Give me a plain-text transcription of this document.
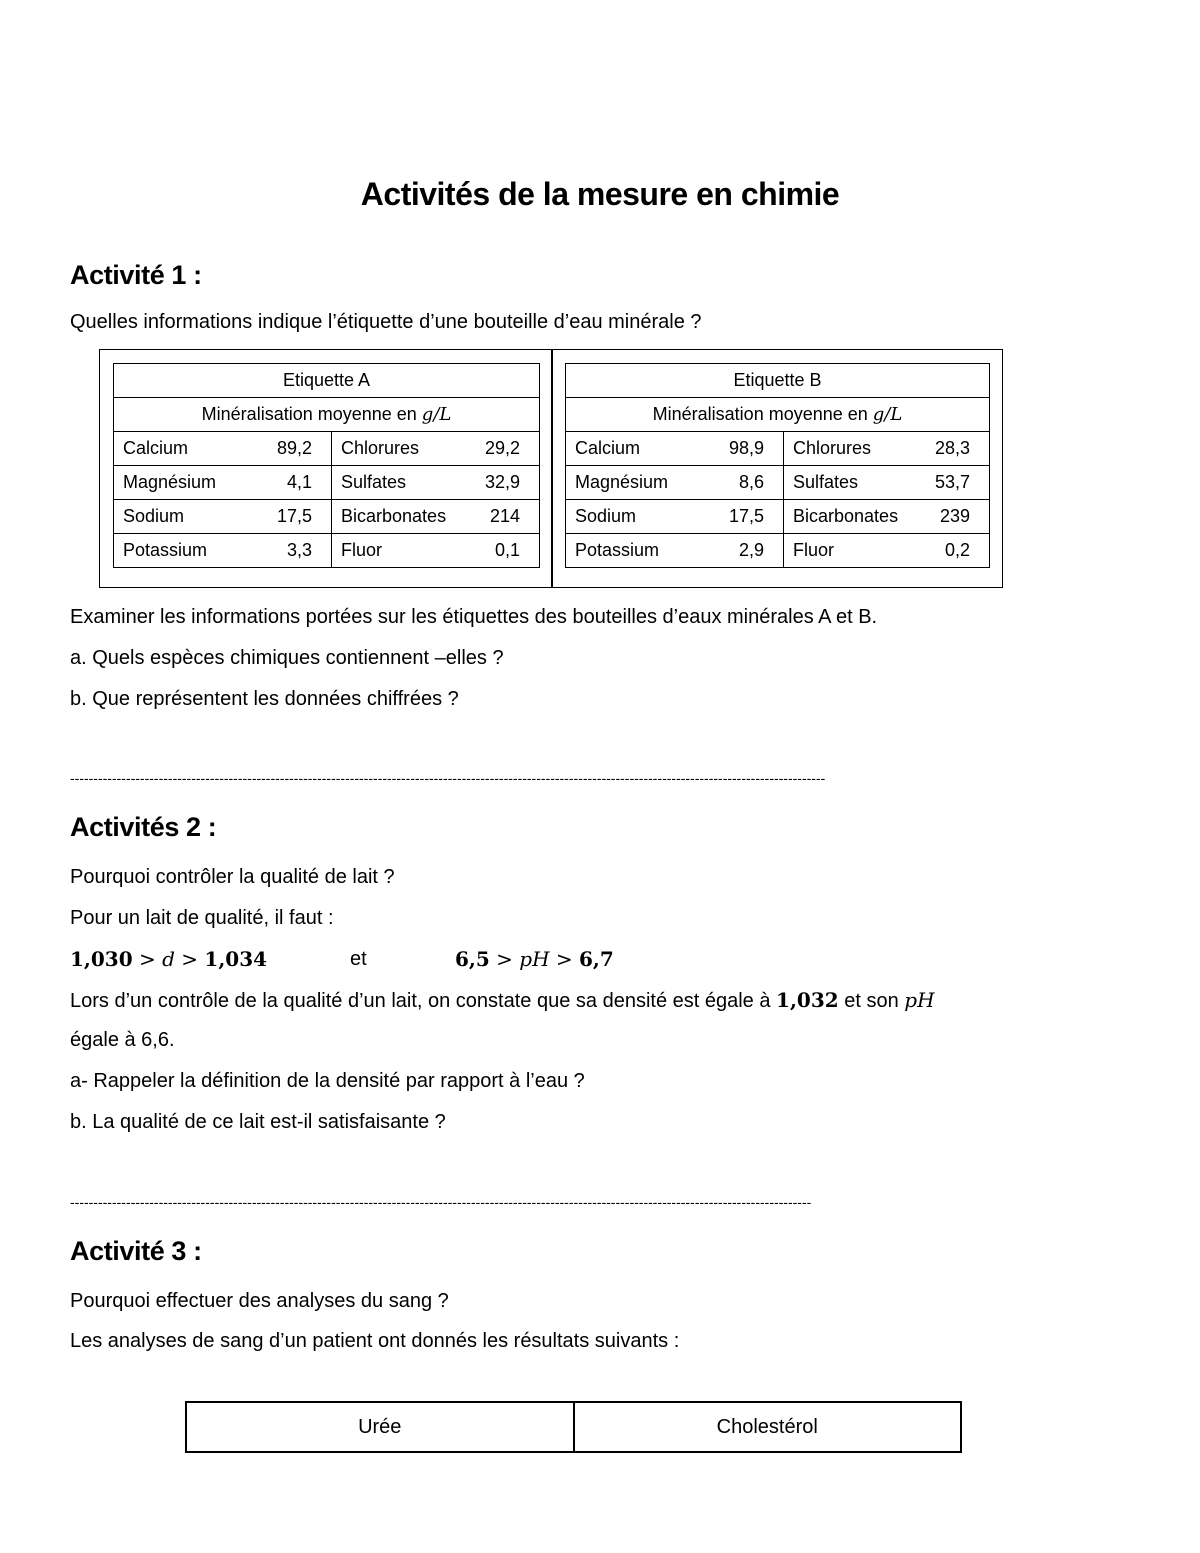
Activités de la mesure en chimie
Activité 1 :
Quelles informations indique l’étiquette d’une bouteille d’eau minérale ?
Etiquette A	
Minéralisation moyenne en g/L	

Calcium 89,2	Chlorures 29,2

Magnésium 4,1	Sulfates 32,9

Sodium 17,5	Bicarbonates 214

Potassium 3,3	Fluor 0,1
Etiquette B	
Minéralisation moyenne en g/L	

Calcium 98,9	Chlorures 28,3

Magnésium 8,6	Sulfates 53,7

Sodium 17,5	Bicarbonates 239

Potassium 2,9	Fluor 0,2
Examiner les informations portées sur les étiquettes des bouteilles d’eaux minérales A et B.
a. Quels espèces chimiques contiennent –elles ?
b. Que représentent les données chiffrées ?
------------------------------------------------------------------------------------------------------------------------------------------------------------------
Activités 2 :
Pourquoi contrôler la qualité de lait ?
Pour un lait de qualité, il faut :
1,030 > d > 1,034	et	6,5 > pH > 6,7
Lors d’un contrôle de la qualité d’un lait, on constate que sa densité est égale à 1,032 et son pH
égale à 6,6.
a- Rappeler la définition de la densité par rapport à l’eau ?
b. La qualité de ce lait est-il satisfaisante ?
---------------------------------------------------------------------------------------------------------------------------------------------------------------
Activité 3 :
Pourquoi effectuer des analyses du sang ?
Les analyses de sang d’un patient ont donnés les résultats suivants :
Urée	Cholestérol
